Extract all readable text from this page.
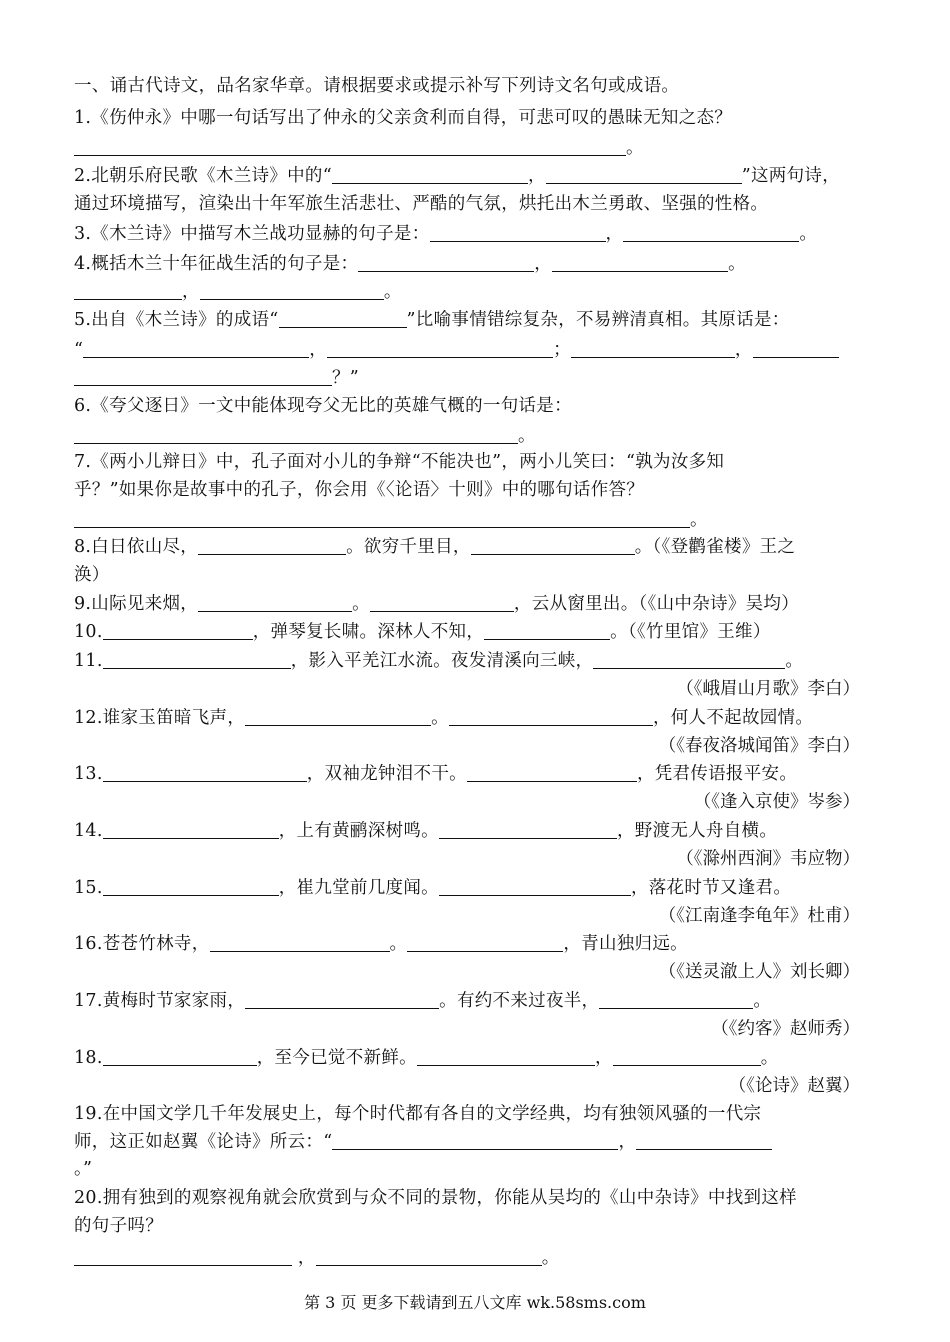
一、诵古代诗文，品名家华章。请根据要求或提示补写下列诗文名句或成语。
1.《伤仲永》中哪一句话写出了仲永的父亲贪利而自得，可悲可叹的愚昧无知之态？
。
2.北朝乐府民歌《木兰诗》中的“	，	”这两句诗，
通过环境描写，渲染出十年军旅生活悲壮、严酷的气氛，烘托出木兰勇敢、坚强的性格。
3.《木兰诗》中描写木兰战功显赫的句子是：	，	。
4.概括木兰十年征战生活的句子是：	，	。
，	。
5.出自《木兰诗》的成语“	”比喻事情错综复杂，不易辨清真相。其原话是：
“	，	；	，
？”
6.《夸父逐日》一文中能体现夸父无比的英雄气概的一句话是：
。
7.《两小儿辩日》中，孔子面对小儿的争辩“不能决也”，两小儿笑曰：“孰为汝多知
乎？”如果你是故事中的孔子，你会用《〈论语〉十则》中的哪句话作答？
。
8.白日依山尽，	。欲穷千里目，	。（《登鹳雀楼》王之
涣）
9.山际见来烟，	。	，云从窗里出。（《山中杂诗》吴均）
10.	，弹琴复长啸。深林人不知，	。（《竹里馆》王维）
11.	，影入平羌江水流。夜发清溪向三峡，	。
（《峨眉山月歌》李白）
12.谁家玉笛暗飞声，	。	，何人不起故园情。
（《春夜洛城闻笛》李白）
13.	，双袖龙钟泪不干。	，凭君传语报平安。
（《逢入京使》岑参）
14.	，上有黄鹂深树鸣。	，野渡无人舟自横。
（《滁州西涧》韦应物）
15.	，崔九堂前几度闻。	，落花时节又逢君。
（《江南逢李龟年》杜甫）
16.苍苍竹林寺，	。	，青山独归远。
（《送灵澈上人》刘长卿）
17.黄梅时节家家雨，	。有约不来过夜半，	。
（《约客》赵师秀）
18.	，至今已觉不新鲜。	，	。
（《论诗》赵翼）
19.在中国文学几千年发展史上，每个时代都有各自的文学经典，均有独领风骚的一代宗
师，这正如赵翼《论诗》所云：“	，
。”
20.拥有独到的观察视角就会欣赏到与众不同的景物，你能从吴均的《山中杂诗》中找到这样
的句子吗？
，	。
第 3 页 更多下载请到五八文库 wk.58sms.com
